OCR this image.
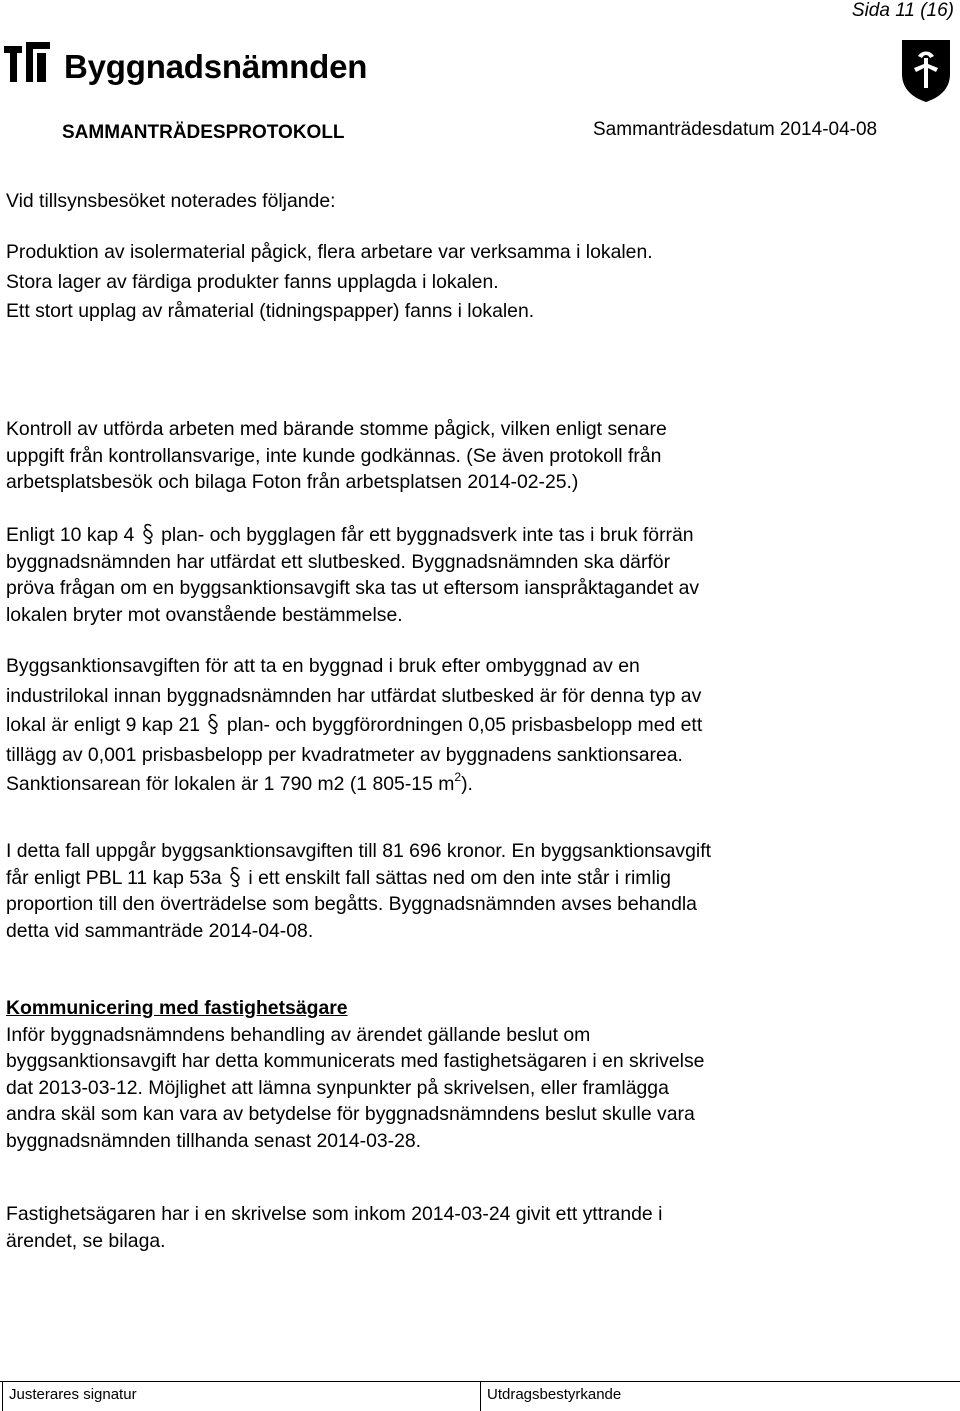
Sida 11 (16)
Byggnadsnämnden
SAMMANTRÄDESPROTOKOLL	Sammanträdesdatum 2014-04-08
Vid tillsynsbesöket noterades följande:
Produktion av isolermaterial pågick, flera arbetare var verksamma i lokalen.
Stora lager av färdiga produkter fanns upplagda i lokalen.
Ett stort upplag av råmaterial (tidningspapper) fanns i lokalen.
Kontroll av utförda arbeten med bärande stomme pågick, vilken enligt senare
uppgift från kontrollansvarige, inte kunde godkännas. (Se även protokoll från
arbetsplatsbesök och bilaga Foton från arbetsplatsen 2014-02-25.)
Enligt 10 kap 4 plan- och bygglagen får ett byggnadsverk inte tas i bruk förrän
byggnadsnämnden har utfärdat ett slutbesked. Byggnadsnämnden ska därför
pröva frågan om en byggsanktionsavgift ska tas ut eftersom ianspråktagandet av
lokalen bryter mot ovanstående bestämmelse.
Byggsanktionsavgiften för att ta en byggnad i bruk efter ombyggnad av en
industrilokal innan byggnadsnämnden har utfärdat slutbesked är för denna typ av
lokal är enligt 9 kap 21 plan- och byggförordningen 0,05 prisbasbelopp med ett
tillägg av 0,001 prisbasbelopp per kvadratmeter av byggnadens sanktionsarea.
Sanktionsarean för lokalen är 1 790 m2 (1 805-15 $m^2$).
I detta fall uppgår byggsanktionsavgiften till 81 696 kronor. En byggsanktionsavgift
får enligt PBL 11 kap 53a i ett enskilt fall sättas ned om den inte står i rimlig
proportion till den överträdelse som begåtts. Byggnadsnämnden avses behandla
detta vid sammanträde 2014-04-08.
Kommunicering med fastighetsägare
Inför byggnadsnämndens behandling av ärendet gällande beslut om
byggsanktionsavgift har detta kommunicerats med fastighetsägaren i en skrivelse
dat 2013-03-12. Möjlighet att lämna synpunkter på skrivelsen, eller framlägga
andra skäl som kan vara av betydelse för byggnadsnämndens beslut skulle vara
byggnadsnämnden tillhanda senast 2014-03-28.
Fastighetsägaren har i en skrivelse som inkom 2014-03-24 givit ett yttrande i
ärendet, se bilaga.
Justerares signatur	Utdragsbestyrkande
